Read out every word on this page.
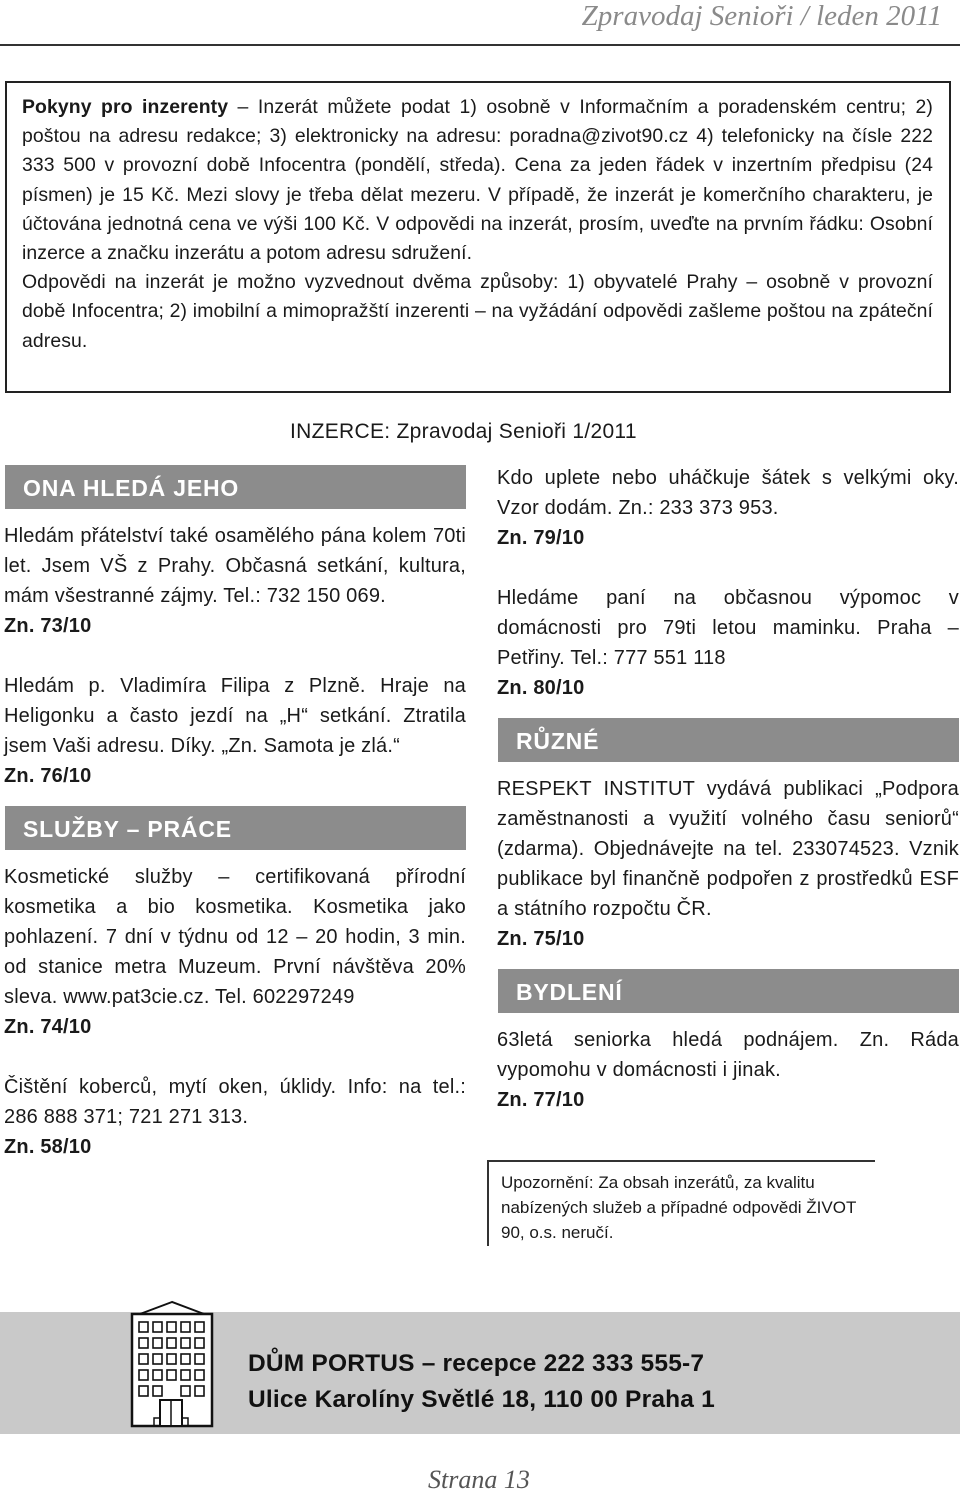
Zpravodaj Senioři / leden 2011

Pokyny pro inzerenty – Inzerát můžete podat 1) osobně v Informačním a poradenském centru; 2) poštou na adresu redakce; 3) elektronicky na adresu: poradna@zivot90.cz 4) telefonicky na čísle 222 333 500 v provozní době Infocentra (pondělí, středa). Cena za jeden řádek v inzertním předpisu (24 písmen) je 15 Kč. Mezi slovy je třeba dělat mezeru. V případě, že inzerát je komerčního charakteru, je účtována jednotná cena ve výši 100 Kč. V odpovědi na inzerát, prosím, uveďte na prvním řádku: Osobní inzerce a značku inzerátu a potom adresu sdružení.

Odpovědi na inzerát je možno vyzvednout dvěma způsoby: 1) obyvatelé Prahy – osobně v provozní době Infocentra; 2) imobilní a mimopražští inzerenti – na vyžádání odpovědi zašleme poštou na zpáteční adresu.

INZERCE: Zpravodaj Senioři 1/2011
ONA HLEDÁ JEHO

Hledám přátelství také osamělého pána kolem 70ti let. Jsem VŠ z Prahy. Občasná setkání, kultura, mám všestranné zájmy. Tel.: 732 150 069.

Zn. 73/10

Hledám p. Vladimíra Filipa z Plzně. Hraje na Heligonku a často jezdí na „H“ setkání. Ztratila jsem Vaši adresu. Díky. „Zn. Samota je zlá.“

Zn. 76/10
SLUŽBY – PRÁCE

Kosmetické služby – certifikovaná přírodní kosmetika a bio kosmetika. Kosmetika jako pohlazení. 7 dní v týdnu od 12 – 20 hodin, 3 min. od stanice metra Muzeum. První návštěva 20% sleva. www.pat3cie.cz. Tel. 602297249

Zn. 74/10

Čištění koberců, mytí oken, úklidy. Info: na tel.: 286 888 371; 721 271 313.

Zn. 58/10

Kdo uplete nebo uháčkuje šátek s velkými oky. Vzor dodám. Zn.: 233 373 953.

Zn. 79/10

Hledáme paní na občasnou výpomoc v domácnosti pro 79ti letou maminku. Praha – Petřiny. Tel.: 777 551 118

Zn. 80/10
RŮZNÉ

RESPEKT INSTITUT vydává publikaci „Podpora zaměstnanosti a využití volného času seniorů“ (zdarma). Objednávejte na tel. 233074523. Vznik publikace byl finančně podpořen z prostředků ESF a státního rozpočtu ČR.

Zn. 75/10
BYDLENÍ

63letá seniorka hledá podnájem. Zn. Ráda vypomohu v domácnosti i jinak.

Zn. 77/10
Upozornění: Za obsah inzerátů, za kvalitu nabízených služeb a případné odpovědi ŽIVOT 90, o.s. neručí.
DŮM PORTUS – recepce 222 333 555-7
Ulice Karolíny Světlé 18, 110 00 Praha 1
Strana 13
